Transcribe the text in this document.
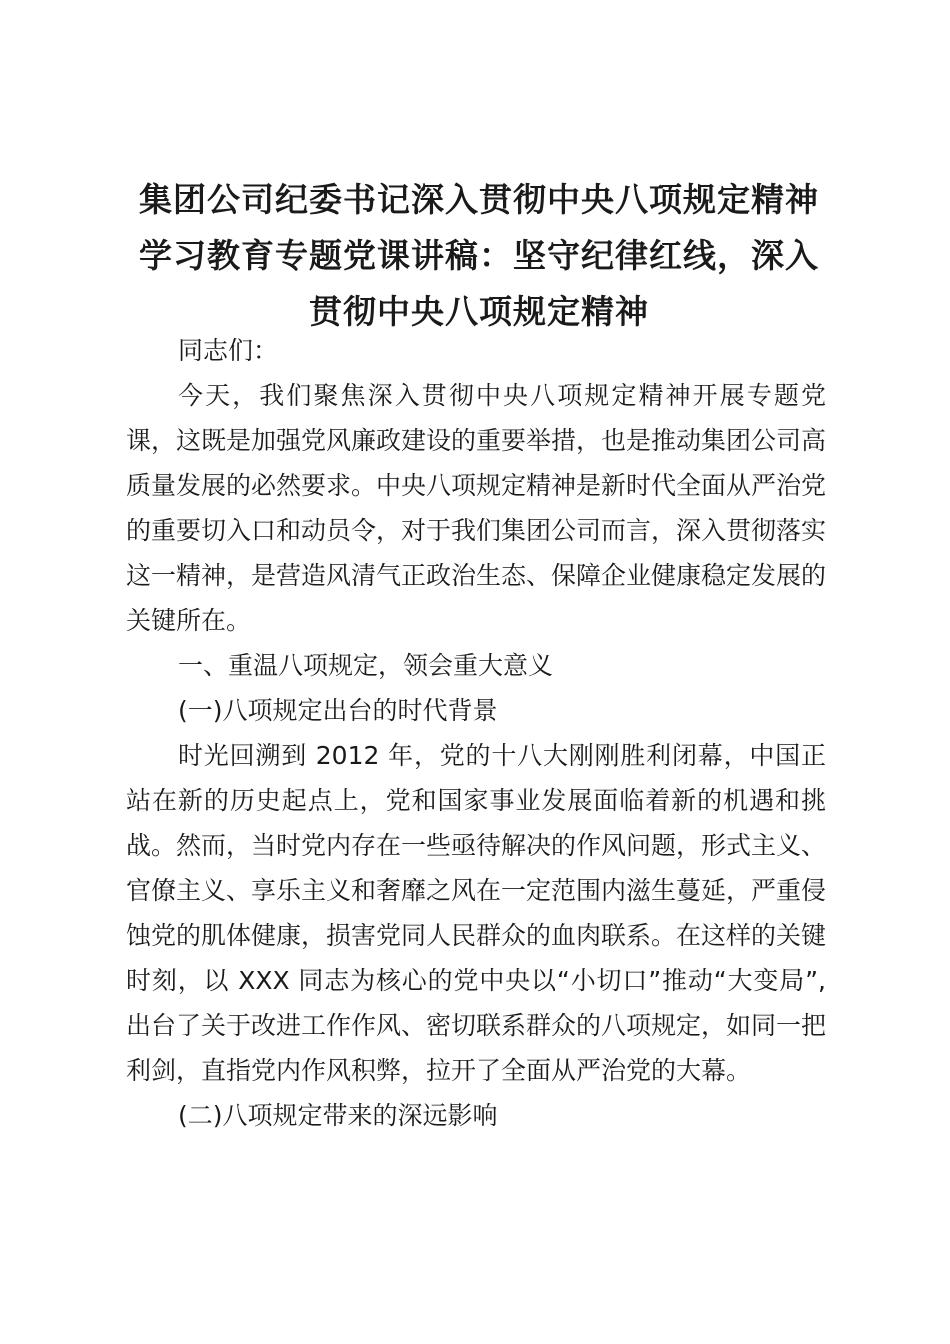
集团公司纪委书记深入贯彻中央八项规定精神学习教育专题党课讲稿：坚守纪律红线，深入贯彻中央八项规定精神

同志们：

今天，我们聚焦深入贯彻中央八项规定精神开展专题党课，这既是加强党风廉政建设的重要举措，也是推动集团公司高质量发展的必然要求。中央八项规定精神是新时代全面从严治党的重要切入口和动员令，对于我们集团公司而言，深入贯彻落实这一精神，是营造风清气正政治生态、保障企业健康稳定发展的关键所在。

一、重温八项规定，领会重大意义

(一)八项规定出台的时代背景

时光回溯到 2012 年，党的十八大刚刚胜利闭幕，中国正站在新的历史起点上，党和国家事业发展面临着新的机遇和挑战。然而，当时党内存在一些亟待解决的作风问题，形式主义、官僚主义、享乐主义和奢靡之风在一定范围内滋生蔓延，严重侵蚀党的肌体健康，损害党同人民群众的血肉联系。在这样的关键时刻，以 XXX 同志为核心的党中央以“小切口”推动“大变局”,出台了关于改进工作作风、密切联系群众的八项规定，如同一把利剑，直指党内作风积弊，拉开了全面从严治党的大幕。

(二)八项规定带来的深远影响
